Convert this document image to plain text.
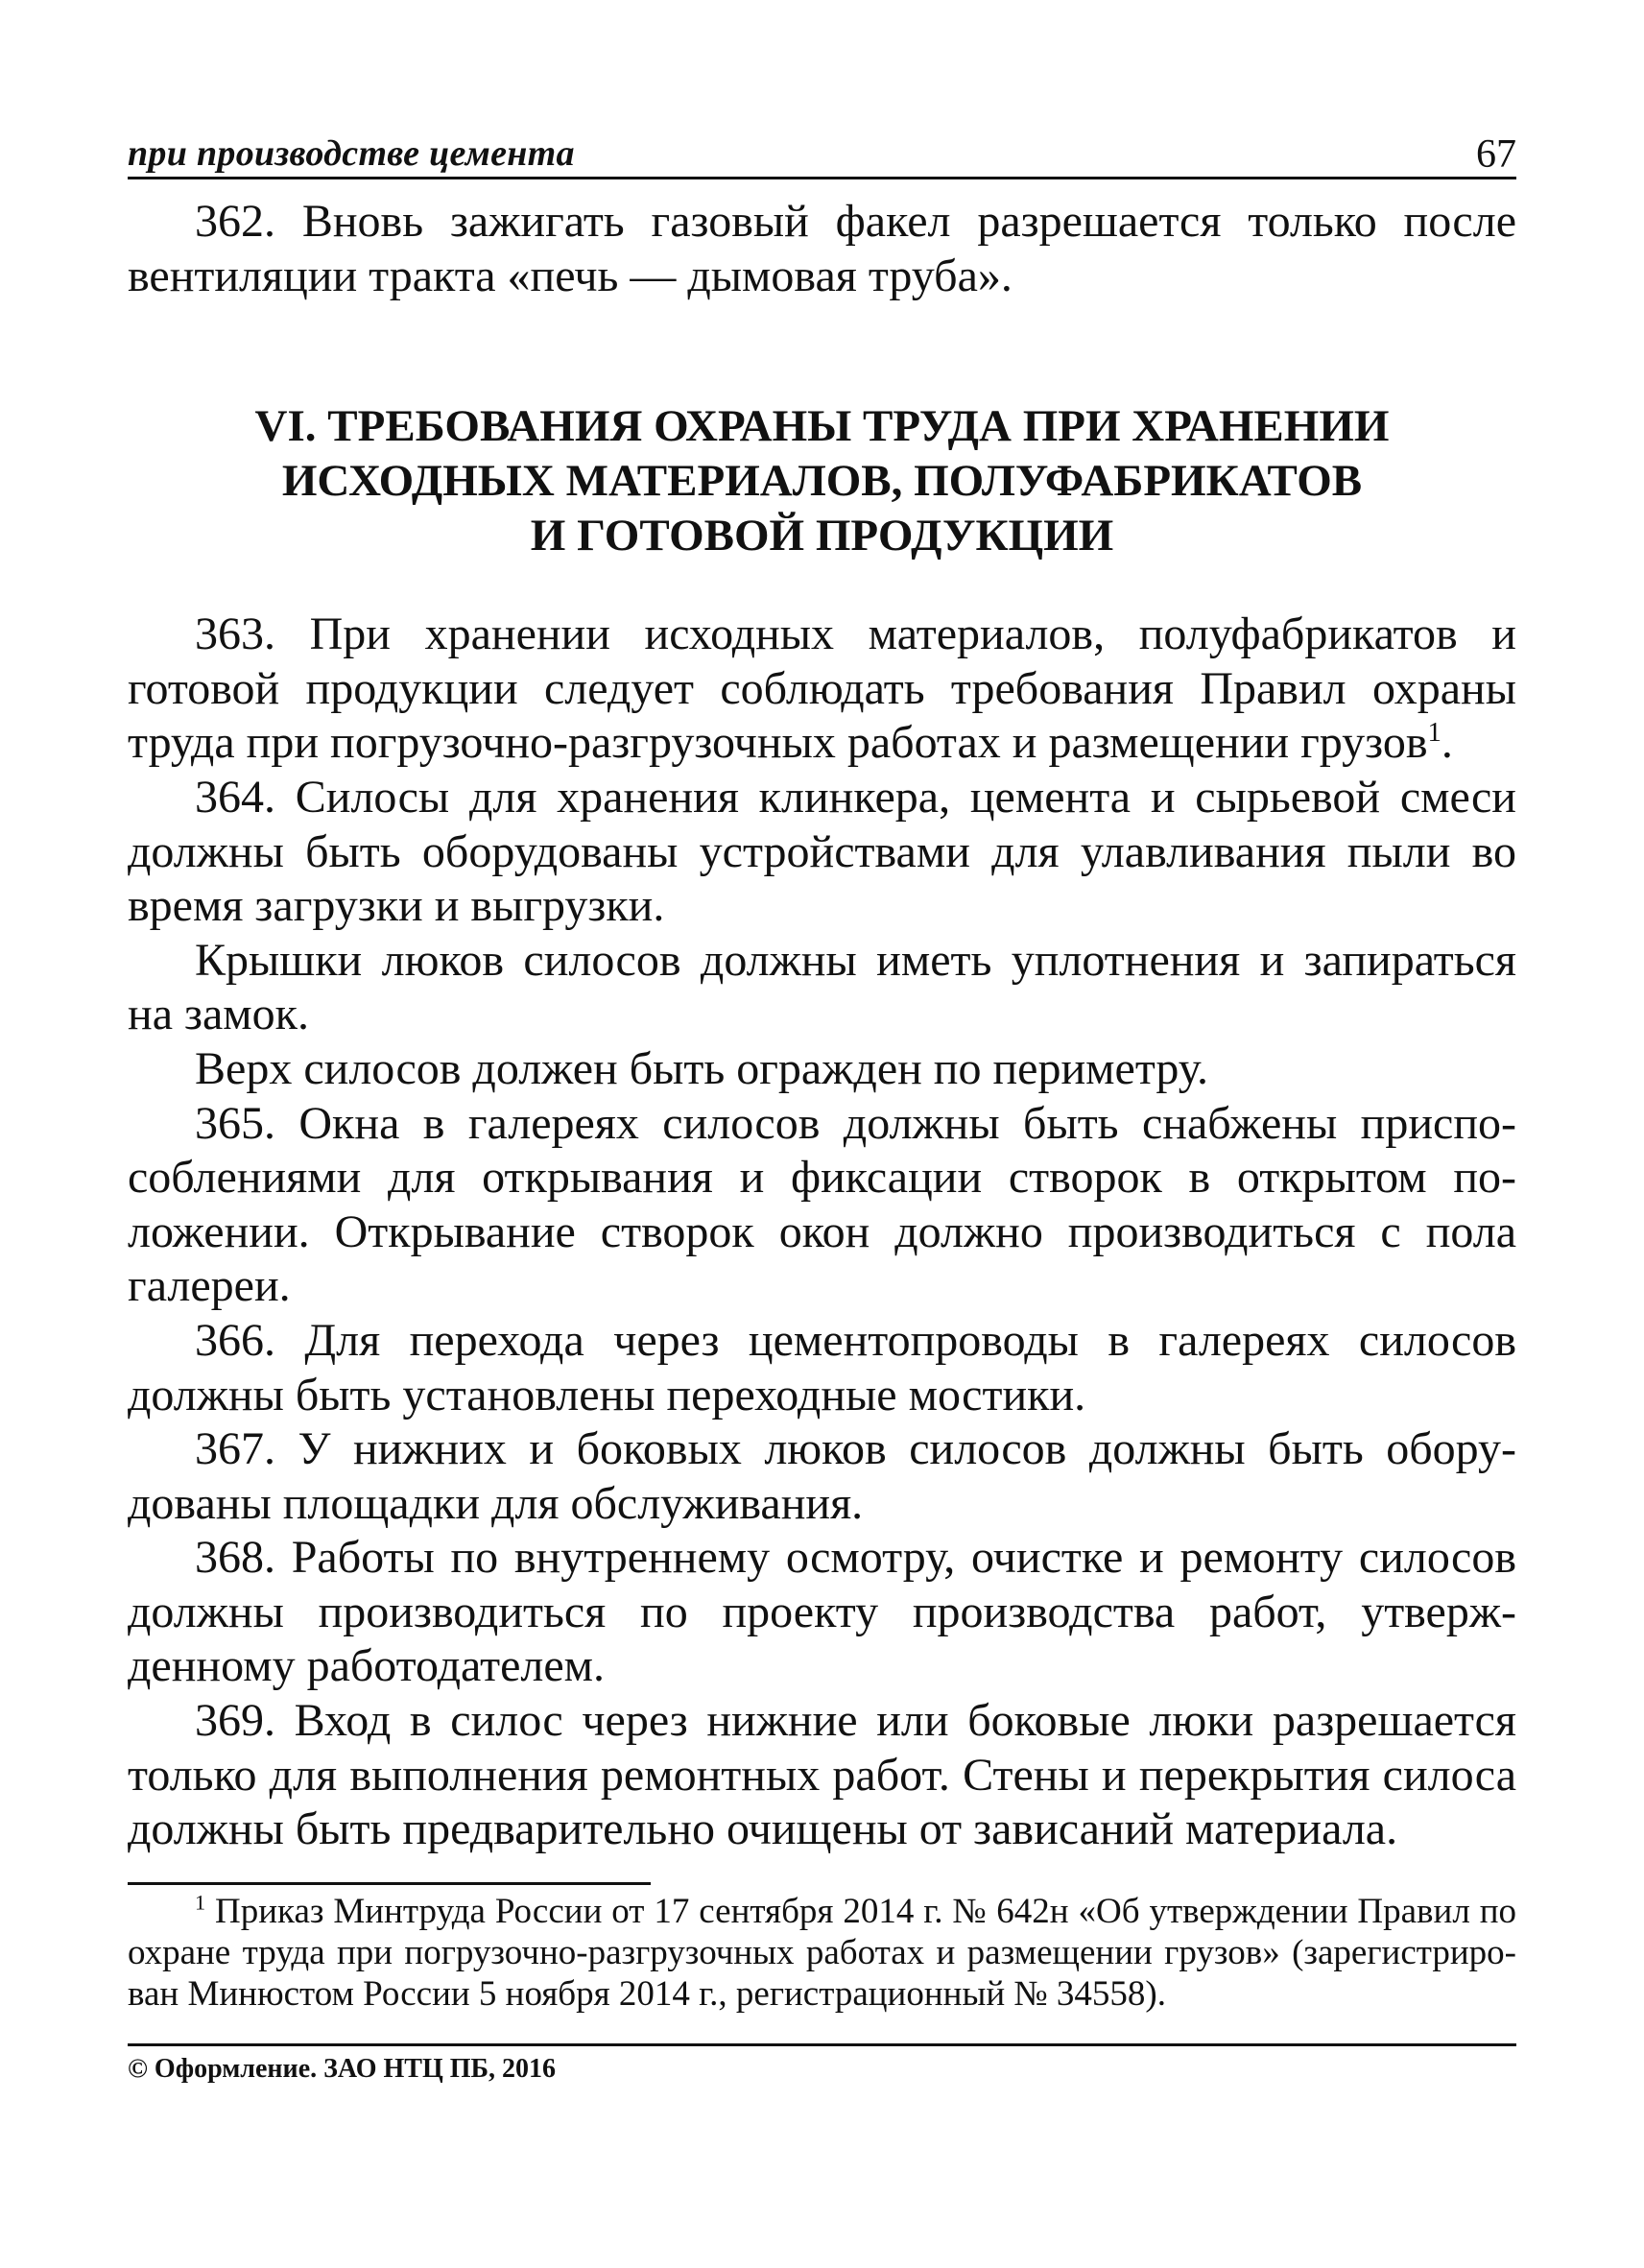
при производстве цемента	67

362. Вновь зажигать газовый факел разрешается только после вентиляции тракта «печь — дымовая труба».

VI. ТРЕБОВАНИЯ ОХРАНЫ ТРУДА ПРИ ХРАНЕНИИ
ИСХОДНЫХ МАТЕРИАЛОВ, ПОЛУФАБРИКАТОВ
И ГОТОВОЙ ПРОДУКЦИИ

363. При хранении исходных материалов, полуфабрикатов и готовой продукции следует соблюдать требования Правил охраны труда при погрузочно-разгрузочных работах и размещении грузов$^1$.

364. Силосы для хранения клинкера, цемента и сырьевой смеси должны быть оборудованы устройствами для улавливания пыли во время загрузки и выгрузки.

Крышки люков силосов должны иметь уплотнения и запираться на замок.

Верх силосов должен быть огражден по периметру.

365. Окна в галереях силосов должны быть снабжены приспособлениями для открывания и фиксации створок в открытом положении. Открывание створок окон должно производиться с пола галереи.

366. Для перехода через цементопроводы в галереях силосов должны быть установлены переходные мостики.

367. У нижних и боковых люков силосов должны быть оборудованы площадки для обслуживания.

368. Работы по внутреннему осмотру, очистке и ремонту силосов должны производиться по проекту производства работ, утвержденному работодателем.

369. Вход в силос через нижние или боковые люки разрешается только для выполнения ремонтных работ. Стены и перекрытия силоса должны быть предварительно очищены от зависаний материала.

$^1$ Приказ Минтруда России от 17 сентября 2014 г. № 642н «Об утверждении Правил по охране труда при погрузочно-разгрузочных работах и размещении грузов» (зарегистрирован Минюстом России 5 ноября 2014 г., регистрационный № 34558).
© Оформление. ЗАО НТЦ ПБ, 2016
